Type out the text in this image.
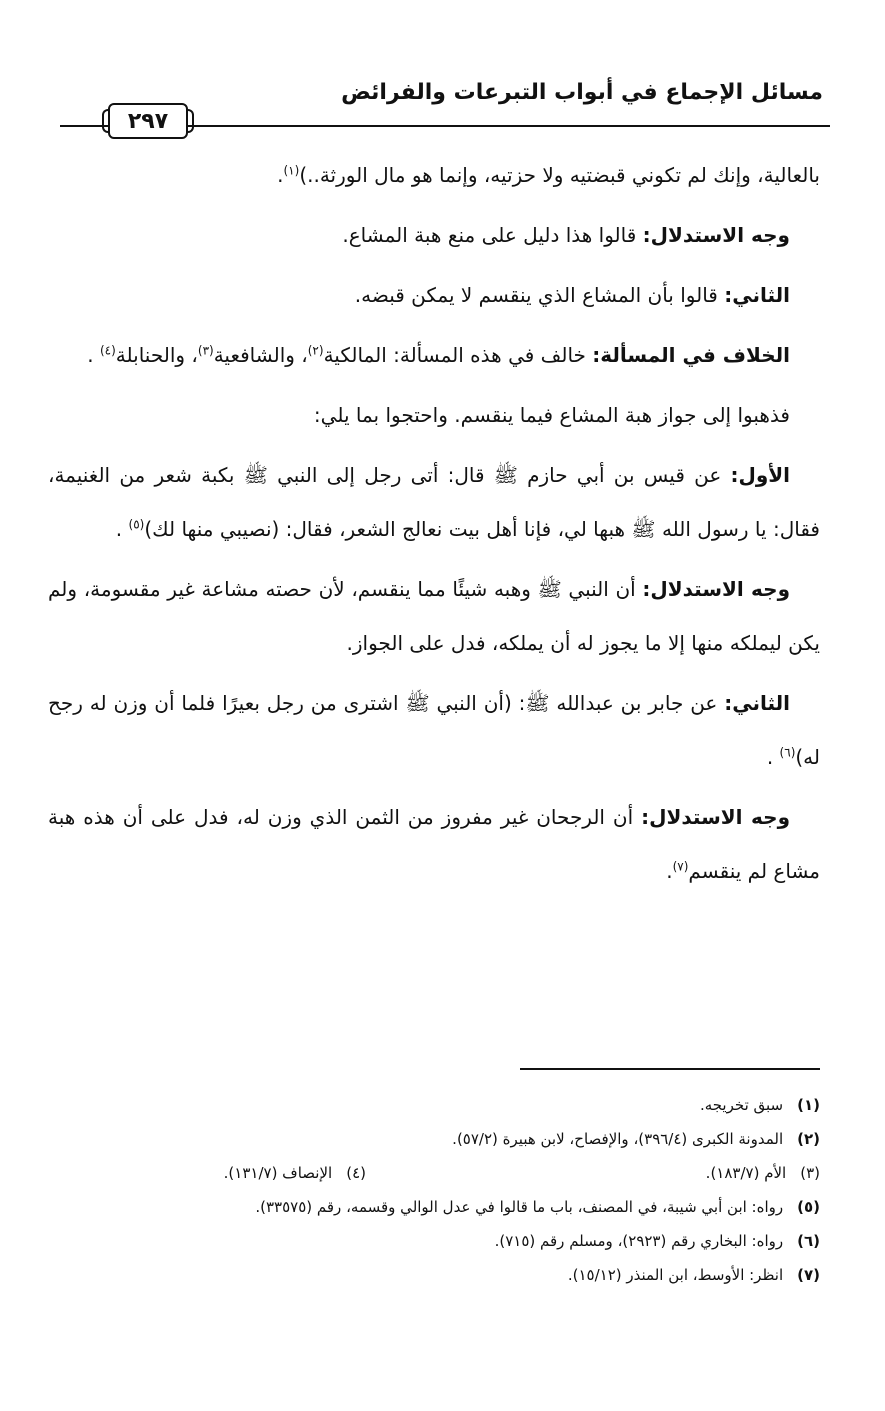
مسائل الإجماع في أبواب التبرعات والفرائض
٢٩٧

بالعالية، وإنك لم تكوني قبضتيه ولا حزتيه، وإنما هو مال الورثة..)$^{(١)}$.

وجه الاستدلال: قالوا هذا دليل على منع هبة المشاع.

الثاني: قالوا بأن المشاع الذي ينقسم لا يمكن قبضه.

الخلاف في المسألة: خالف في هذه المسألة: المالكية$^{(٢)}$، والشافعية$^{(٣)}$، والحنابلة$^{(٤)}$ .

فذهبوا إلى جواز هبة المشاع فيما ينقسم. واحتجوا بما يلي:

الأول: عن قيس بن أبي حازم ﷺ قال: أتى رجل إلى النبي ﷺ بكبة شعر من الغنيمة، فقال: يا رسول الله ﷺ هبها لي، فإنا أهل بيت نعالج الشعر، فقال: (نصيبي منها لك)$^{(٥)}$ .

وجه الاستدلال: أن النبي ﷺ وهبه شيئًا مما ينقسم، لأن حصته مشاعة غير مقسومة، ولم يكن ليملكه منها إلا ما يجوز له أن يملكه، فدل على الجواز.

الثاني: عن جابر بن عبدالله ﷺ: (أن النبي ﷺ اشترى من رجل بعيرًا فلما أن وزن له رجح له)$^{(٦)}$ .

وجه الاستدلال: أن الرجحان غير مفروز من الثمن الذي وزن له، فدل على أن هذه هبة مشاع لم ينقسم$^{(٧)}$.

(١)
سبق تخريجه.
(٢)
المدونة الكبرى (٣٩٦/٤)، والإفصاح، لابن هبيرة (٥٧/٢).
(٣)
الأم (١٨٣/٧).
(٤)
الإنصاف (١٣١/٧).
(٥)
رواه: ابن أبي شيبة، في المصنف، باب ما قالوا في عدل الوالي وقسمه، رقم (٣٣٥٧٥).
(٦)
رواه: البخاري رقم (٢٩٢٣)، ومسلم رقم (٧١٥).
(٧)
انظر: الأوسط، ابن المنذر (١٥/١٢).
